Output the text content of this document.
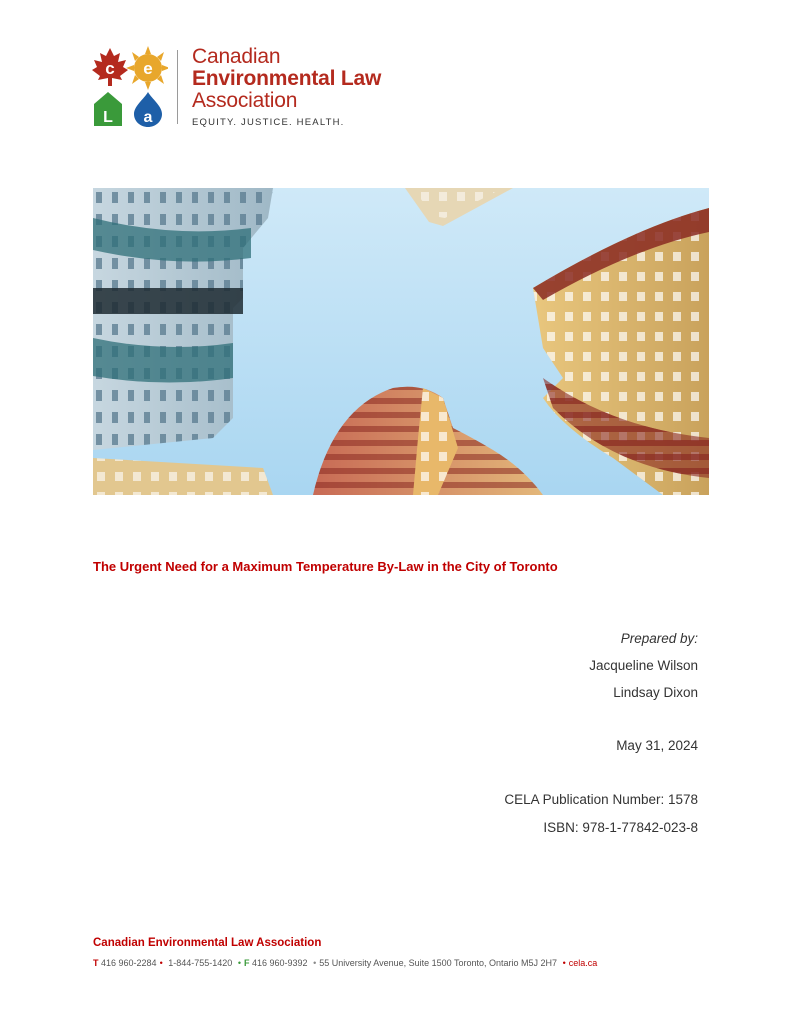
c e
L a
Canadian
Environmental Law
Association
EQUITY. JUSTICE. HEALTH.
The Urgent Need for a Maximum Temperature By-Law in the City of Toronto
Prepared by:
Jacqueline Wilson
Lindsay Dixon
May 31, 2024
CELA Publication Number: 1578
ISBN: 978-1-77842-023-8
Canadian Environmental Law Association
T 416 960-2284 • 1-844-755-1420 • F 416 960-9392 • 55 University Avenue, Suite 1500 Toronto, Ontario M5J 2H7 • cela.ca
